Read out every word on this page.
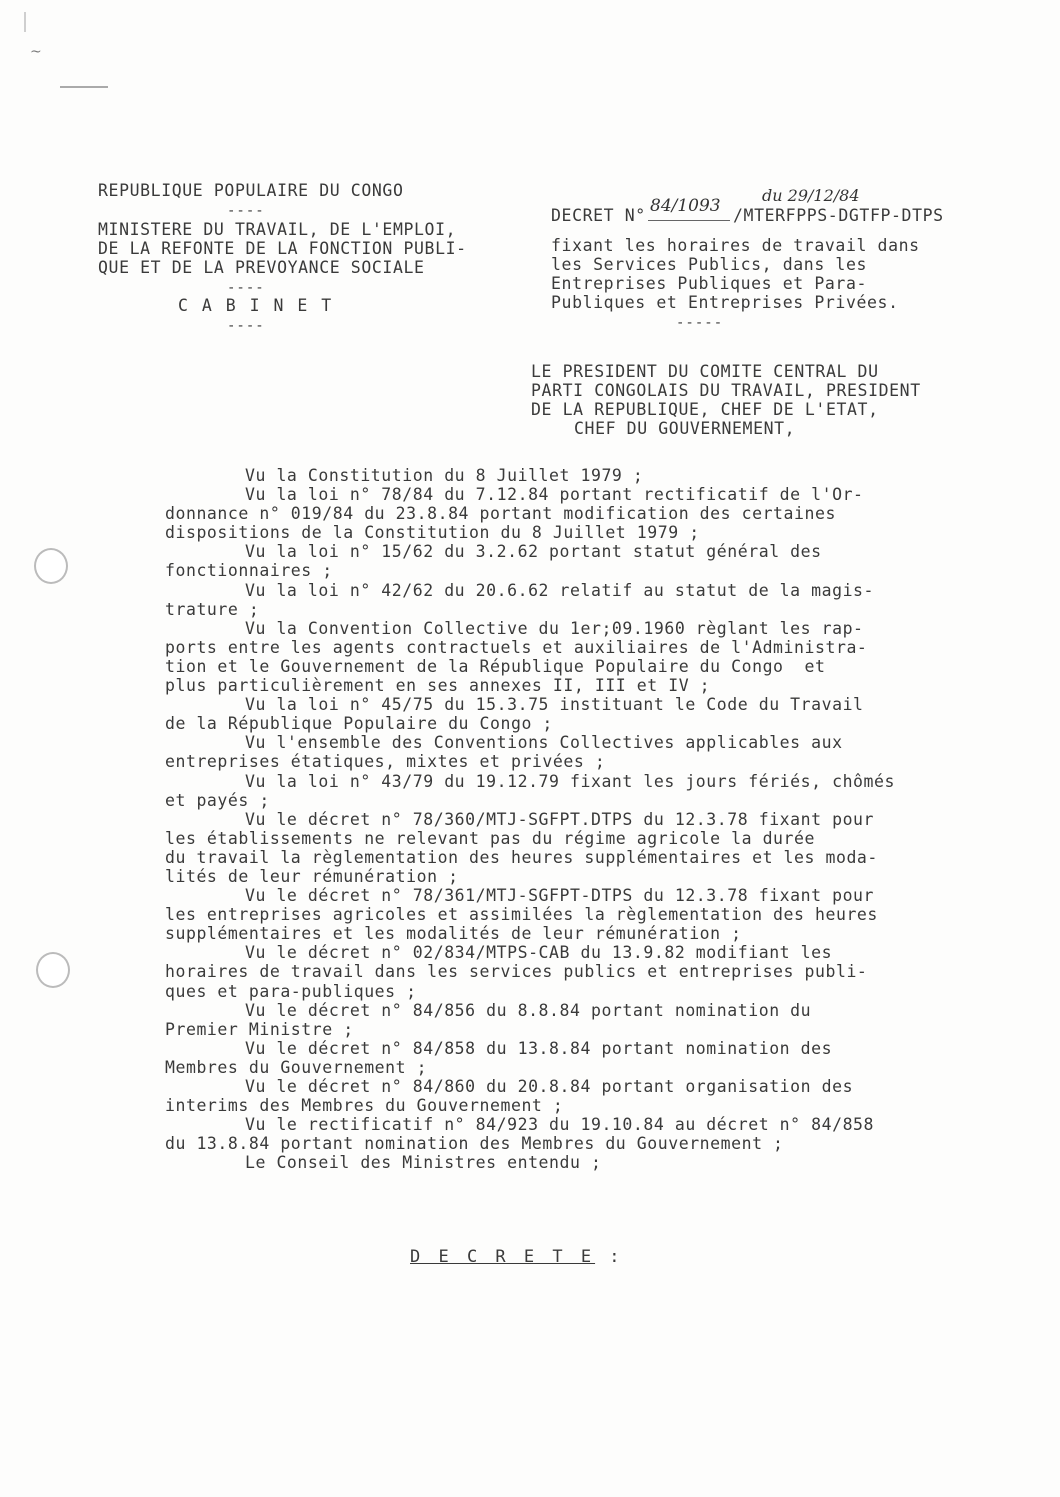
~
REPUBLIQUE POPULAIRE DU CONGO
----
MINISTERE DU TRAVAIL, DE L'EMPLOI,
DE LA REFONTE DE LA FONCTION PUBLI-
QUE ET DE LA PREVOYANCE SOCIALE
----
C A B I N E T
----
du 29/12/84
DECRET N° 84/1093 /MTERFPPS-DGTFP-DTPS
fixant les horaires de travail dans
les Services Publics, dans les
Entreprises Publiques et Para-
Publiques et Entreprises Privées.
-----
LE PRESIDENT DU COMITE CENTRAL DU
PARTI CONGOLAIS DU TRAVAIL, PRESIDENT
DE LA REPUBLIQUE, CHEF DE L'ETAT,
CHEF DU GOUVERNEMENT,
Vu la Constitution du 8 Juillet 1979 ;
Vu la loi n° 78/84 du 7.12.84 portant rectificatif de l'Or-
donnance n° 019/84 du 23.8.84 portant modification des certaines
dispositions de la Constitution du 8 Juillet 1979 ;
Vu la loi n° 15/62 du 3.2.62 portant statut général des
fonctionnaires ;
Vu la loi n° 42/62 du 20.6.62 relatif au statut de la magis-
trature ;
Vu la Convention Collective du 1er;09.1960 règlant les rap-
ports entre les agents contractuels et auxiliaires de l'Administra-
tion et le Gouvernement de la République Populaire du Congo  et
plus particulièrement en ses annexes II, III et IV ;
Vu la loi n° 45/75 du 15.3.75 instituant le Code du Travail
de la République Populaire du Congo ;
Vu l'ensemble des Conventions Collectives applicables aux
entreprises étatiques, mixtes et privées ;
Vu la loi n° 43/79 du 19.12.79 fixant les jours fériés, chômés
et payés ;
Vu le décret n° 78/360/MTJ-SGFPT.DTPS du 12.3.78 fixant pour
les établissements ne relevant pas du régime agricole la durée
du travail la règlementation des heures supplémentaires et les moda-
lités de leur rémunération ;
Vu le décret n° 78/361/MTJ-SGFPT-DTPS du 12.3.78 fixant pour
les entreprises agricoles et assimilées la règlementation des heures
supplémentaires et les modalités de leur rémunération ;
Vu le décret n° 02/834/MTPS-CAB du 13.9.82 modifiant les
horaires de travail dans les services publics et entreprises publi-
ques et para-publiques ;
Vu le décret n° 84/856 du 8.8.84 portant nomination du
Premier Ministre ;
Vu le décret n° 84/858 du 13.8.84 portant nomination des
Membres du Gouvernement ;
Vu le décret n° 84/860 du 20.8.84 portant organisation des
interims des Membres du Gouvernement ;
Vu le rectificatif n° 84/923 du 19.10.84 au décret n° 84/858
du 13.8.84 portant nomination des Membres du Gouvernement ;
Le Conseil des Ministres entendu ;
D E C R E T E :
